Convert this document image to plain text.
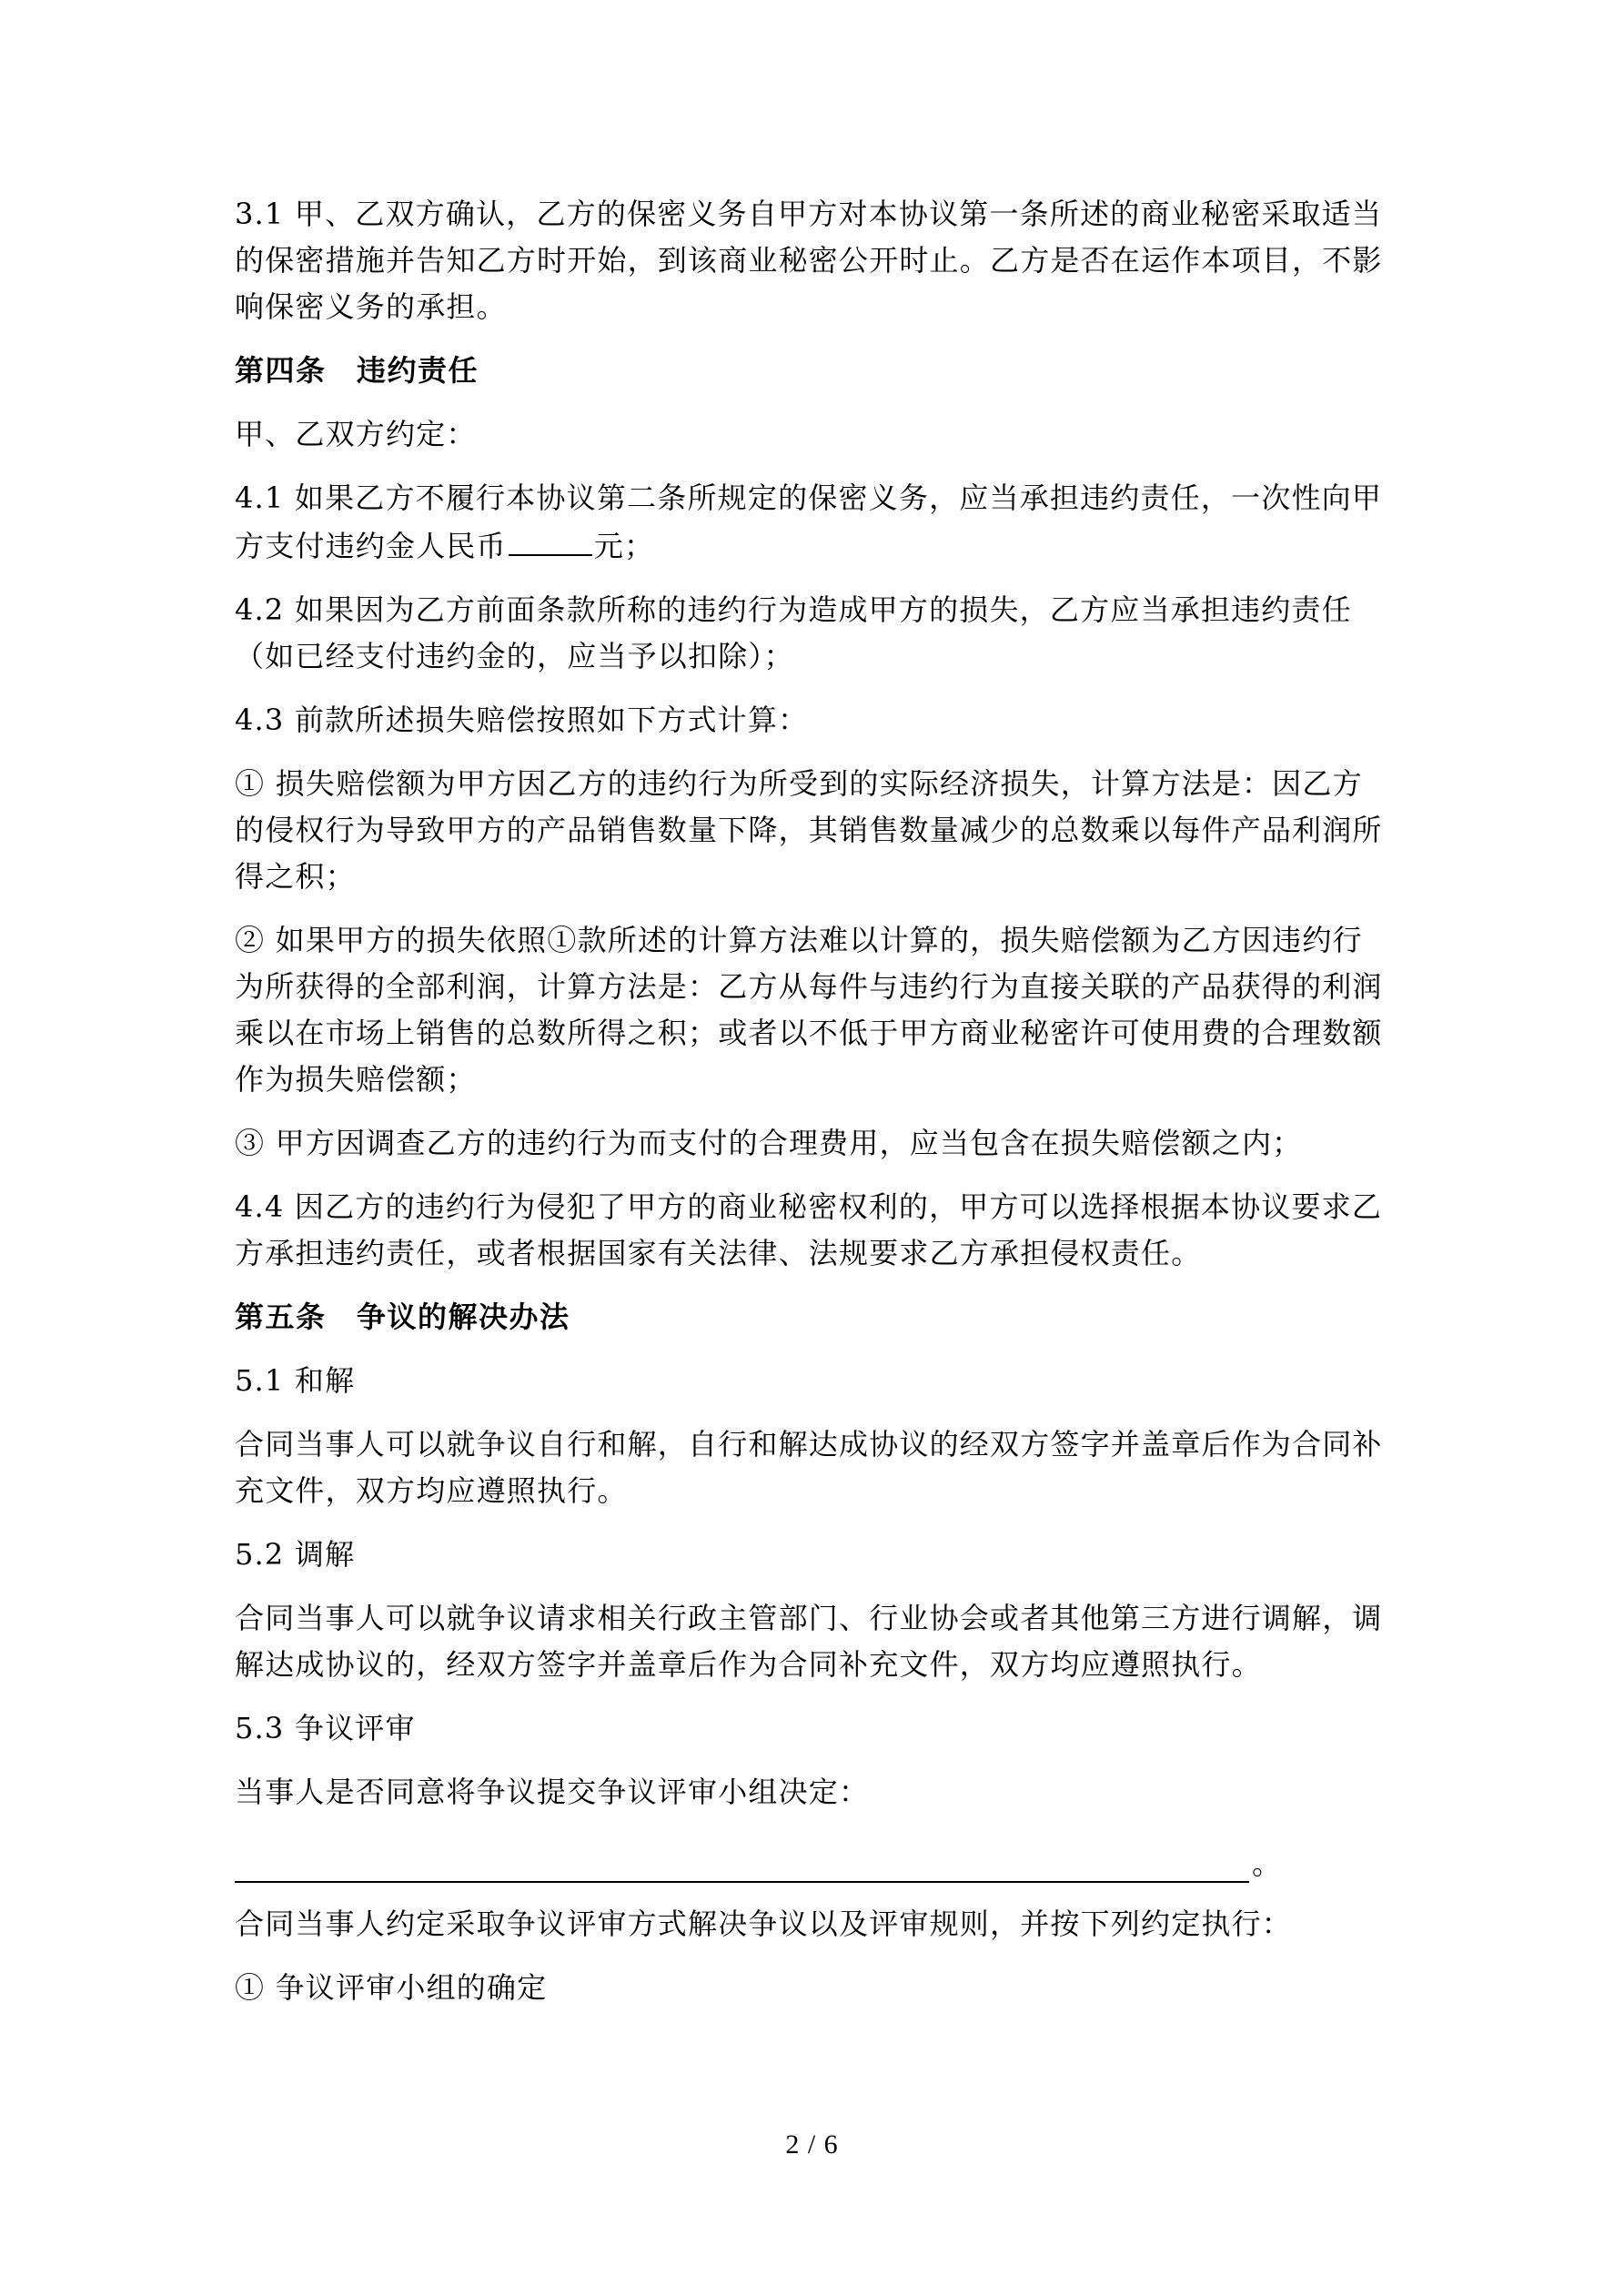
3.1 甲、乙双方确认，乙方的保密义务自甲方对本协议第一条所述的商业秘密采取适当的保密措施并告知乙方时开始，到该商业秘密公开时止。乙方是否在运作本项目，不影响保密义务的承担。

第四条　违约责任

甲、乙双方约定：

4.1 如果乙方不履行本协议第二条所规定的保密义务，应当承担违约责任，一次性向甲方支付违约金人民币	元；

4.2 如果因为乙方前面条款所称的违约行为造成甲方的损失，乙方应当承担违约责任（如已经支付违约金的，应当予以扣除）；

4.3 前款所述损失赔偿按照如下方式计算：

① 损失赔偿额为甲方因乙方的违约行为所受到的实际经济损失，计算方法是：因乙方的侵权行为导致甲方的产品销售数量下降，其销售数量减少的总数乘以每件产品利润所得之积；

② 如果甲方的损失依照①款所述的计算方法难以计算的，损失赔偿额为乙方因违约行为所获得的全部利润，计算方法是：乙方从每件与违约行为直接关联的产品获得的利润乘以在市场上销售的总数所得之积；或者以不低于甲方商业秘密许可使用费的合理数额作为损失赔偿额；

③ 甲方因调查乙方的违约行为而支付的合理费用，应当包含在损失赔偿额之内；

4.4 因乙方的违约行为侵犯了甲方的商业秘密权利的，甲方可以选择根据本协议要求乙方承担违约责任，或者根据国家有关法律、法规要求乙方承担侵权责任。

第五条　争议的解决办法

5.1 和解

合同当事人可以就争议自行和解，自行和解达成协议的经双方签字并盖章后作为合同补充文件，双方均应遵照执行。

5.2 调解

合同当事人可以就争议请求相关行政主管部门、行业协会或者其他第三方进行调解，调解达成协议的，经双方签字并盖章后作为合同补充文件，双方均应遵照执行。

5.3 争议评审

当事人是否同意将争议提交争议评审小组决定：

。

合同当事人约定采取争议评审方式解决争议以及评审规则，并按下列约定执行：

① 争议评审小组的确定

2 / 6
